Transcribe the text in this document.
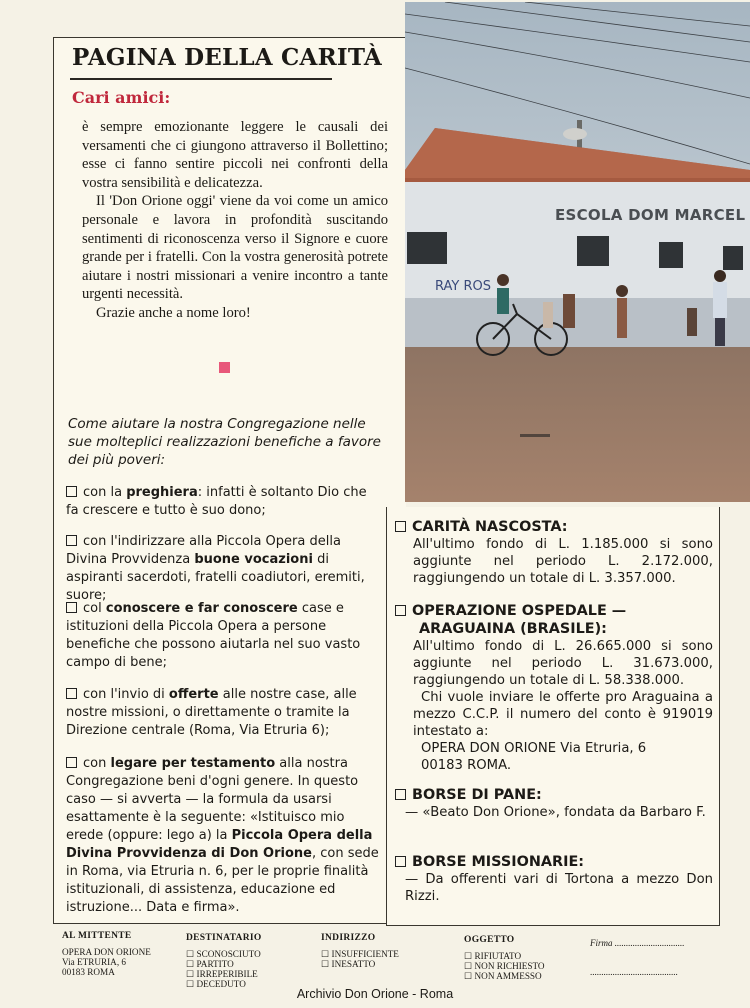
PAGINA DELLA CARITÀ
Cari amici:

è sempre emozionante leggere le causali dei versamenti che ci giungono attraverso il Bollettino; esse ci fanno sentire piccoli nei confronti della vostra sensibilità e delicatezza.

Il 'Don Orione oggi' viene da voi come un amico personale e lavora in profondità suscitando sentimenti di riconoscenza verso il Signore e cuore grande per i fratelli. Con la vostra generosità potrete aiutare i nostri missionari a venire incontro a tante urgenti necessità.

Grazie anche a nome loro!

Come aiutare la nostra Congregazione nelle sue molteplici realizzazioni benefiche a favore dei più poveri:
con la preghiera: infatti è soltanto Dio che fa crescere e tutto è suo dono;
con l'indirizzare alla Piccola Opera della Divina Provvidenza buone vocazioni di aspiranti sacerdoti, fratelli coadiutori, eremiti, suore;
col conoscere e far conoscere case e istituzioni della Piccola Opera a persone benefiche che possono aiutarla nel suo vasto campo di bene;
con l'invio di offerte alle nostre case, alle nostre missioni, o direttamente o tramite la Direzione centrale (Roma, Via Etruria 6);
con legare per testamento alla nostra Congregazione beni d'ogni genere. In questo caso — si avverta — la formula da usarsi esattamente è la seguente: «Istituisco mio erede (oppure: lego a) la Piccola Opera della Divina Provvidenza di Don Orione, con sede in Roma, via Etruria n. 6, per le proprie finalità istituzionali, di assistenza, educazione ed istruzione... Data e firma».
RAY ROS
ESCOLA DOM MARCEL
CARITÀ NASCOSTA:
All'ultimo fondo di L. 1.185.000 si sono aggiunte nel periodo L. 2.172.000, raggiungendo un totale di L. 3.357.000.
OPERAZIONE OSPEDALE —
ARAGUAINA (BRASILE):

All'ultimo fondo di L. 26.665.000 si sono aggiunte nel periodo L. 31.673.000, raggiungendo un totale di L. 58.338.000.

Chi vuole inviare le offerte pro Araguaina a mezzo C.C.P. il numero del conto è 919019 intestato a:

OPERA DON ORIONE Via Etruria, 6

00183 ROMA.

BORSE DI PANE:
— «Beato Don Orione», fondata da Barbaro F.
BORSE MISSIONARIE:
— Da offerenti vari di Tortona a mezzo Don Rizzi.
AL MITTENTE
OPERA DON ORIONE
Via ETRURIA, 6
00183 ROMA
DESTINATARIO
☐ SCONOSCIUTO
☐ PARTITO
☐ IRREPERIBILE
☐ DECEDUTO
INDIRIZZO
☐ INSUFFICIENTE
☐ INESATTO
OGGETTO
☐ RIFIUTATO
☐ NON RICHIESTO
☐ NON AMMESSO
Firma ...............................
.......................................
Archivio Don Orione - Roma
